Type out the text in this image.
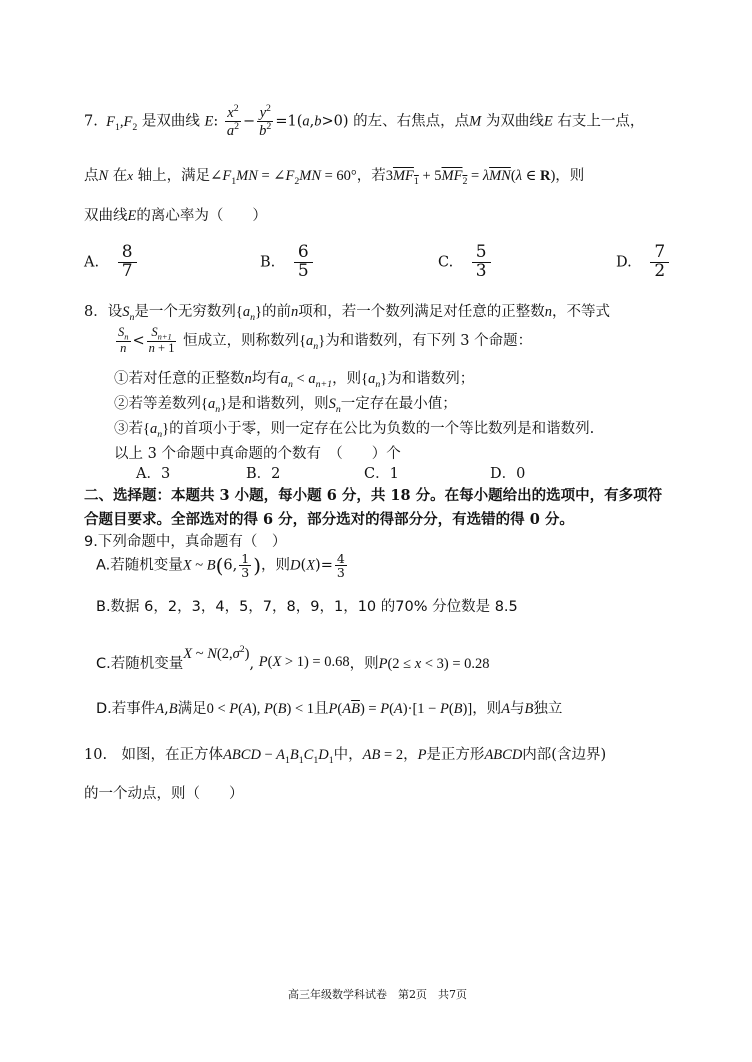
7.  $F_1,F_2$ 是双曲线 E: $\frac{x^2}{a^2} - \frac{y^2}{b^2} =1(a,b>0)$ 的左、右焦点，点M 为双曲线E 右支上一点，
点N 在x 轴上，满足$\angle F_1MN$ = $\angle F_2MN = 60^\circ$，若$3MF_1 + 5MF_2 = \lambda\overline{MN}(\lambda$ ∈ R)，则
双曲线E的离心率为（　　）
A. $\frac{8}{7}$	B. $\frac{6}{5}$	C. $\frac{5}{3}$	D. $\frac{7}{2}$
8．设$S_n$是一个无穷数列$\{a_n\}$的前n项和，若一个数列满足对任意的正整数n，不等式
$\frac{S_n}{n} < \frac{S_{n+1}}{n + 1}$ 恒成立，则称数列$\{a_n\}$为和谐数列，有下列 3 个命题：
①若对任意的正整数n均有$a_n < a_{n+1}$，则$\{a_n\}$为和谐数列；
②若等差数列$\{a_n\}$是和谐数列，则$S_n$一定存在最小值；
③若$\{a_n\}$的首项小于零，则一定存在公比为负数的一个等比数列是和谐数列.
以上 3 个命题中真命题的个数有　（　　）个
A．3	B．2	C．1	D．0
二、选择题：本题共 3 小题，每小题 6 分，共 18 分。在每小题给出的选项中，有多项符
合题目要求。全部选对的得 6 分，部分选对的得部分分，有选错的得 0 分。
9.下列命题中，真命题有（　）
A.若随机变量X ~ B(6, $\frac{1}{3}$ )，则$D(X)= \frac{4}{3}$
B.数据 6，2，3，4，5，7，8，9，1，10 的70% 分位数是 8.5
C.若随机变量X ~ $N(2,\sigma^2)$, P(X > 1) = 0.68，则P(2 ≤ x < 3) = 0.28
D.若事件A,B满足0 < P(A), P(B) < 1且$P(A\overline{B}) = P(A)\cdot[1 - P(B)]$，则A与B独立
10.　如图，在正方体ABCD − $A_1B_1C_1D_1$中，AB = 2，P是正方形ABCD内部(含边界)
的一个动点，则（　　）
高三年级数学科试卷　第2页　共7页
